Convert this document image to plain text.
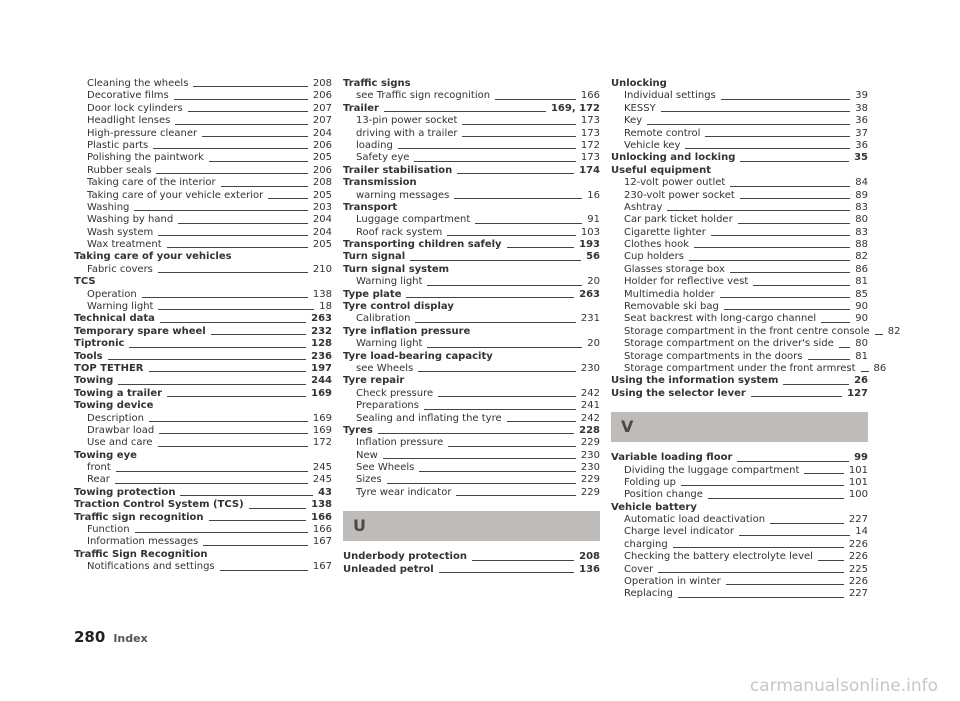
Cleaning the wheels	208
Decorative films	206
Door lock cylinders	207
Headlight lenses	207
High-pressure cleaner	204
Plastic parts	206
Polishing the paintwork	205
Rubber seals	206
Taking care of the interior	208
Taking care of your vehicle exterior	205
Washing	203
Washing by hand	204
Wash system	204
Wax treatment	205
Taking care of your vehicles
Fabric covers	210
TCS
Operation	138
Warning light	18
Technical data	263
Temporary spare wheel	232
Tiptronic	128
Tools	236
TOP TETHER	197
Towing	244
Towing a trailer	169
Towing device
Description	169
Drawbar load	169
Use and care	172
Towing eye
front	245
Rear	245
Towing protection	43
Traction Control System (TCS)	138
Traffic sign recognition	166
Function	166
Information messages	167
Traffic Sign Recognition
Notifications and settings	167
Traffic signs
see Traffic sign recognition	166
Trailer	169, 172
13-pin power socket	173
driving with a trailer	173
loading	172
Safety eye	173
Trailer stabilisation	174
Transmission
warning messages	16
Transport
Luggage compartment	91
Roof rack system	103
Transporting children safely	193
Turn signal	56
Turn signal system
Warning light	20
Type plate	263
Tyre control display
Calibration	231
Tyre inflation pressure
Warning light	20
Tyre load-bearing capacity
see Wheels	230
Tyre repair
Check pressure	242
Preparations	241
Sealing and inflating the tyre	242
Tyres	228
Inflation pressure	229
New	230
See Wheels	230
Sizes	229
Tyre wear indicator	229
U
Underbody protection	208
Unleaded petrol	136
Unlocking
Individual settings	39
KESSY	38
Key	36
Remote control	37
Vehicle key	36
Unlocking and locking	35
Useful equipment
12-volt power outlet	84
230-volt power socket	89
Ashtray	83
Car park ticket holder	80
Cigarette lighter	83
Clothes hook	88
Cup holders	82
Glasses storage box	86
Holder for reflective vest	81
Multimedia holder	85
Removable ski bag	90
Seat backrest with long-cargo channel	90
Storage compartment in the front centre console 82
Storage compartment on the driver's side 80
Storage compartments in the doors	81
Storage compartment under the front armrest 86
Using the information system	26
Using the selector lever	127
V
Variable loading floor	99
Dividing the luggage compartment	101
Folding up	101
Position change	100
Vehicle battery
Automatic load deactivation	227
Charge level indicator	14
charging	226
Checking the battery electrolyte level	226
Cover	225
Operation in winter	226
Replacing	227
280 Index
carmanualsonline.info
